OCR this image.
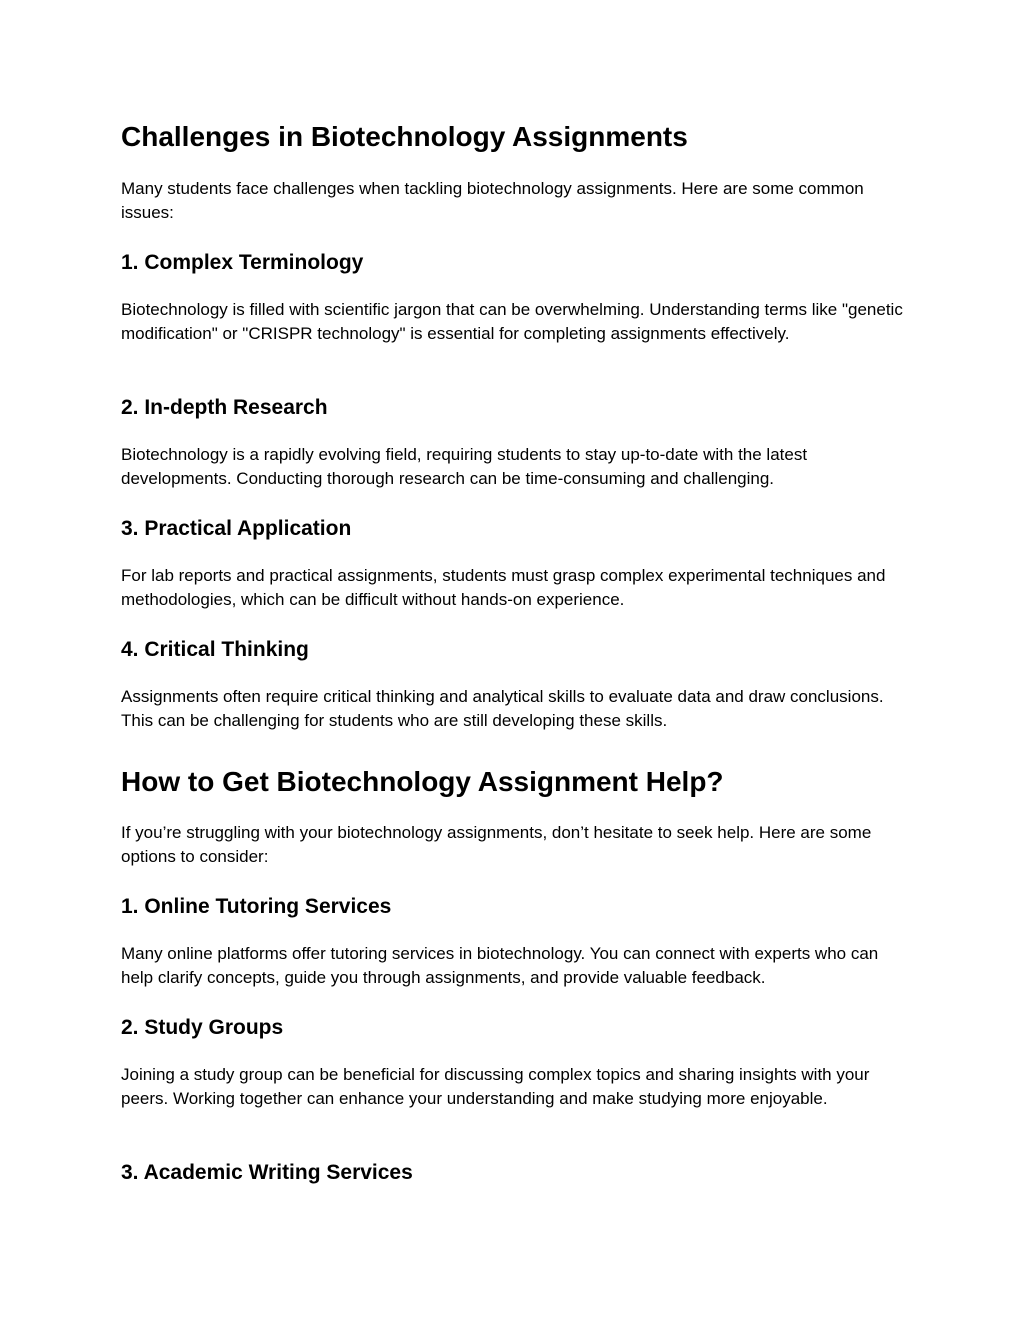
Challenges in Biotechnology Assignments

Many students face challenges when tackling biotechnology assignments. Here are some common issues:

1. Complex Terminology

Biotechnology is filled with scientific jargon that can be overwhelming. Understanding terms like "genetic modification" or "CRISPR technology" is essential for completing assignments effectively.

2. In-depth Research

Biotechnology is a rapidly evolving field, requiring students to stay up-to-date with the latest developments. Conducting thorough research can be time-consuming and challenging.

3. Practical Application

For lab reports and practical assignments, students must grasp complex experimental techniques and methodologies, which can be difficult without hands-on experience.

4. Critical Thinking

Assignments often require critical thinking and analytical skills to evaluate data and draw conclusions. This can be challenging for students who are still developing these skills.

How to Get Biotechnology Assignment Help?

If you’re struggling with your biotechnology assignments, don’t hesitate to seek help. Here are some options to consider:

1. Online Tutoring Services

Many online platforms offer tutoring services in biotechnology. You can connect with experts who can help clarify concepts, guide you through assignments, and provide valuable feedback.

2. Study Groups

Joining a study group can be beneficial for discussing complex topics and sharing insights with your peers. Working together can enhance your understanding and make studying more enjoyable.

3. Academic Writing Services
